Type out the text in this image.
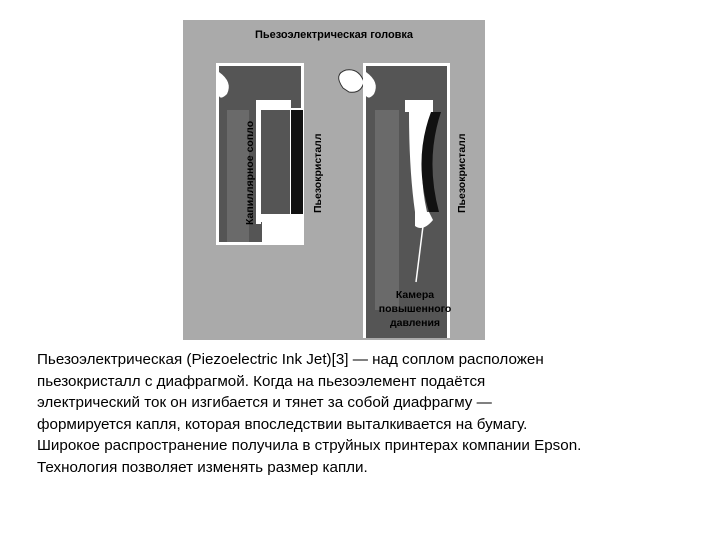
Пьезоэлектрическая головка
Капиллярное сопло	Пьезокристалл	Пьезокристалл
Камера
повышенного
давления

Пьезоэлектрическая (Piezoelectric Ink Jet)[3] — над соплом расположен

пьезокристалл с диафрагмой. Когда на пьезоэлемент подаётся

электрический ток он изгибается и тянет за собой диафрагму —

формируется капля, которая впоследствии выталкивается на бумагу.

Широкое распространение получила в струйных принтерах компании Epson.

Технология позволяет изменять размер капли.
